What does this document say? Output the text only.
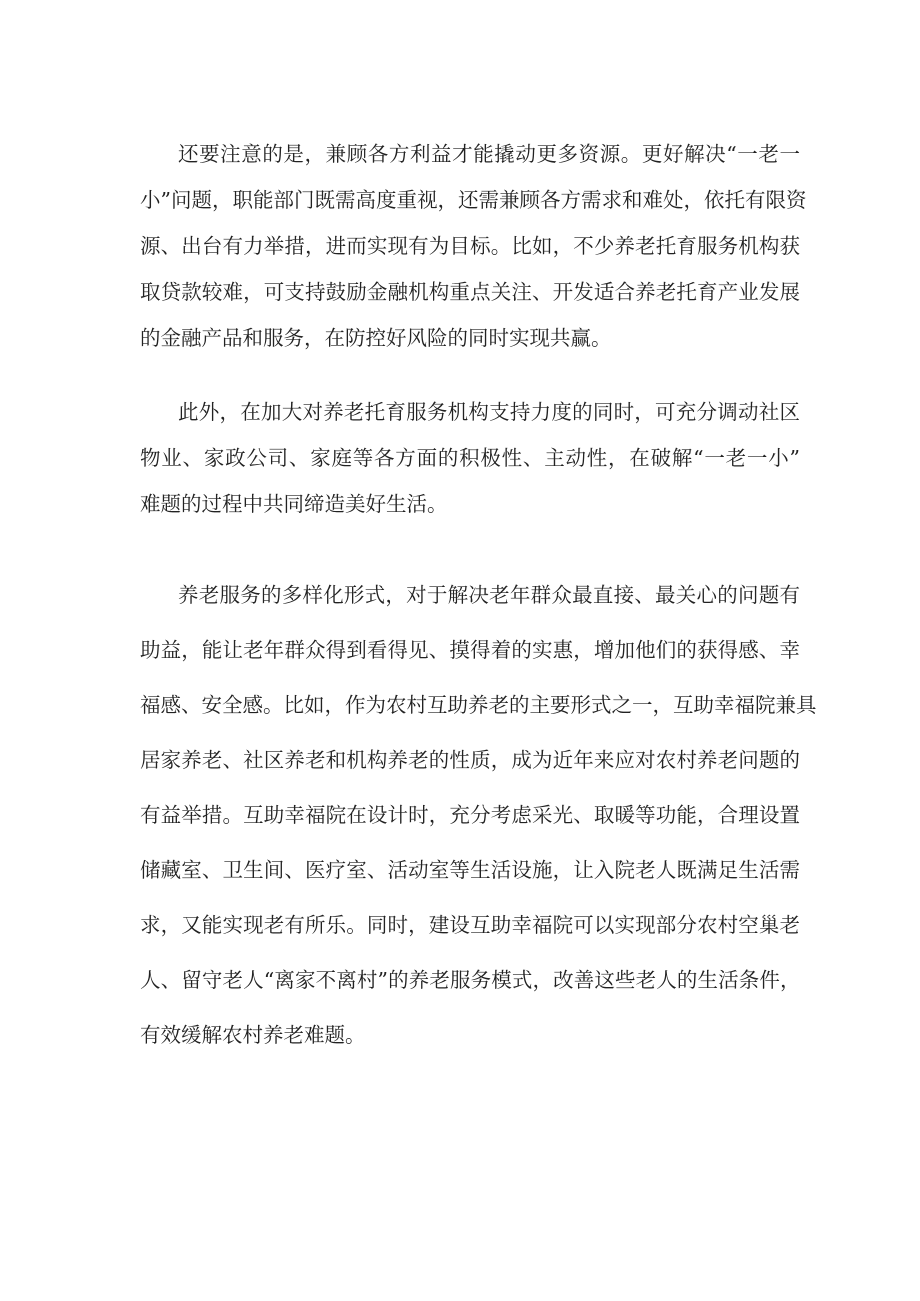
还要注意的是，兼顾各方利益才能撬动更多资源。更好解决“一老一
小”问题，职能部门既需高度重视，还需兼顾各方需求和难处，依托有限资
源、出台有力举措，进而实现有为目标。比如，不少养老托育服务机构获
取贷款较难，可支持鼓励金融机构重点关注、开发适合养老托育产业发展
的金融产品和服务，在防控好风险的同时实现共赢。
此外，在加大对养老托育服务机构支持力度的同时，可充分调动社区
物业、家政公司、家庭等各方面的积极性、主动性，在破解“一老一小”
难题的过程中共同缔造美好生活。
养老服务的多样化形式，对于解决老年群众最直接、最关心的问题有
助益，能让老年群众得到看得见、摸得着的实惠，增加他们的获得感、幸
福感、安全感。比如，作为农村互助养老的主要形式之一，互助幸福院兼具
居家养老、社区养老和机构养老的性质，成为近年来应对农村养老问题的
有益举措。互助幸福院在设计时，充分考虑采光、取暖等功能，合理设置
储藏室、卫生间、医疗室、活动室等生活设施，让入院老人既满足生活需
求，又能实现老有所乐。同时，建设互助幸福院可以实现部分农村空巢老
人、留守老人“离家不离村”的养老服务模式，改善这些老人的生活条件，
有效缓解农村养老难题。
